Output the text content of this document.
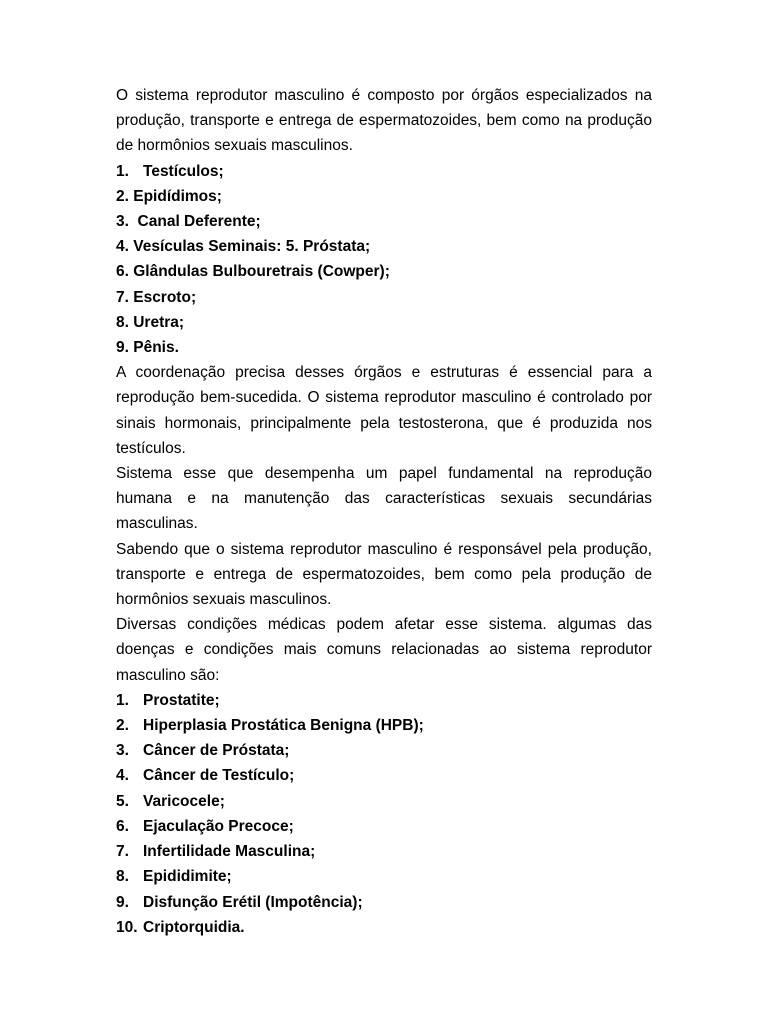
O sistema reprodutor masculino é composto por órgãos especializados na produção, transporte e entrega de espermatozoides, bem como na produção de hormônios sexuais masculinos.

1. Testículos;

2. Epidídimos;

3.  Canal Deferente;

4. Vesículas Seminais: 5. Próstata;

6. Glândulas Bulbouretrais (Cowper);

7. Escroto;

8. Uretra;

9. Pênis.

A coordenação precisa desses órgãos e estruturas é essencial para a reprodução bem-sucedida. O sistema reprodutor masculino é controlado por sinais hormonais, principalmente pela testosterona, que é produzida nos testículos.

Sistema esse que desempenha um papel fundamental na reprodução humana e na manutenção das características sexuais secundárias masculinas.

Sabendo que o sistema reprodutor masculino é responsável pela produção, transporte e entrega de espermatozoides, bem como pela produção de hormônios sexuais masculinos.

Diversas condições médicas podem afetar esse sistema. algumas das doenças e condições mais comuns relacionadas ao sistema reprodutor masculino são:

1. Prostatite;
2. Hiperplasia Prostática Benigna (HPB);
3. Câncer de Próstata;
4. Câncer de Testículo;
5. Varicocele;
6. Ejaculação Precoce;
7. Infertilidade Masculina;
8. Epididimite;
9. Disfunção Erétil (Impotência);
10. Criptorquidia.
